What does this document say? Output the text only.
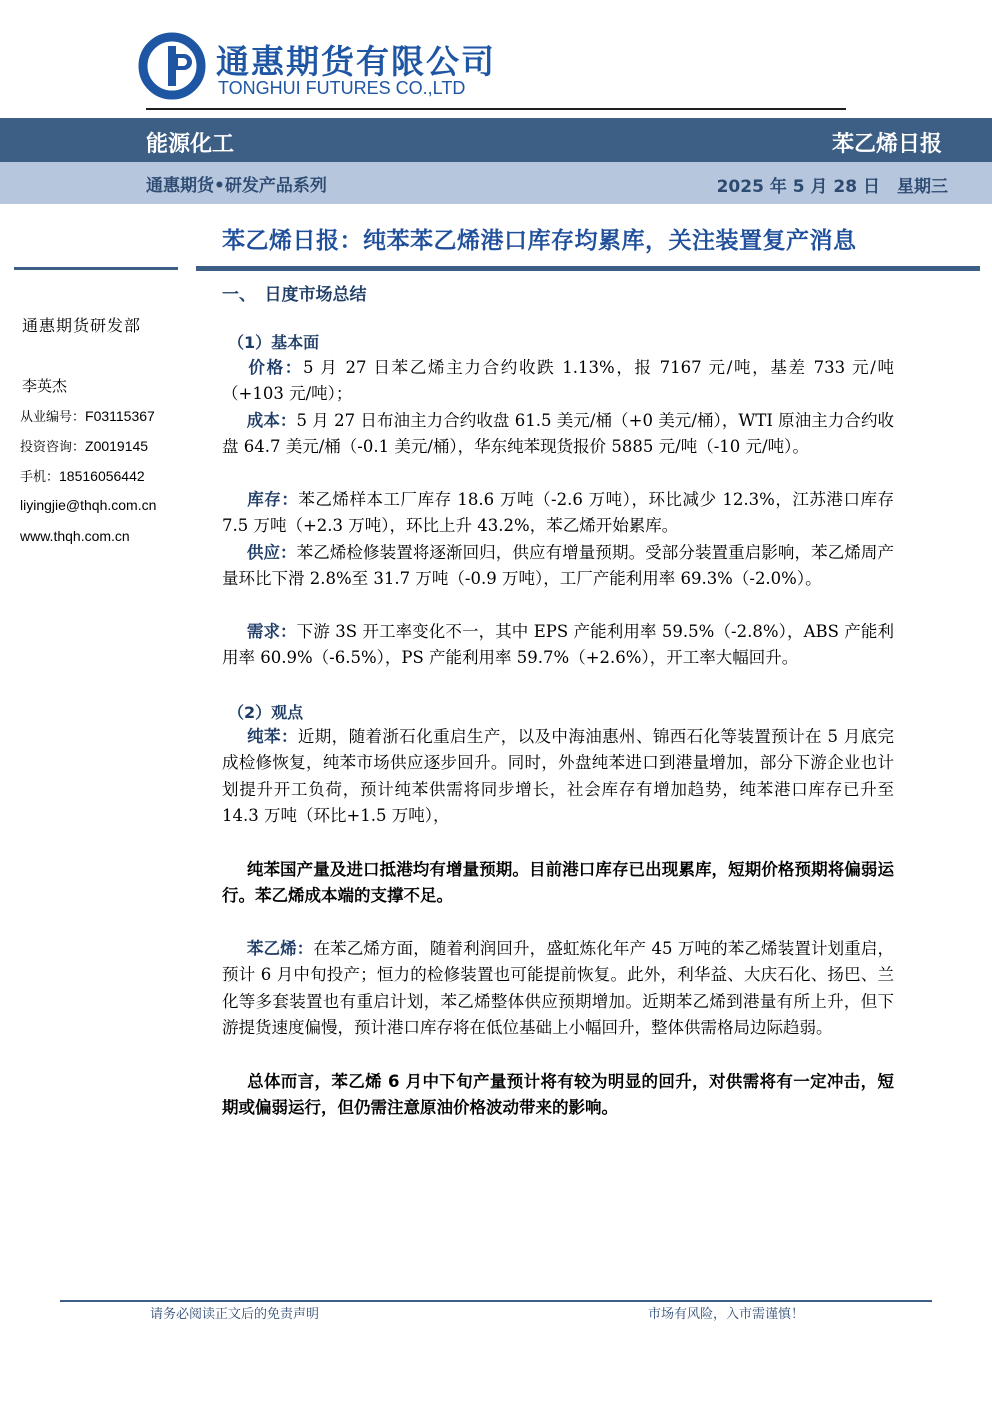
通惠期货有限公司
TONGHUI FUTURES CO.,LTD
能源化工	苯乙烯日报
通惠期货•研发产品系列	2025 年 5 月 28 日　星期三
苯乙烯日报：纯苯苯乙烯港口库存均累库，关注装置复产消息
通惠期货研发部
李英杰
从业编号：F03115367
投资咨询：Z0019145
手机：18516056442
liyingjie@thqh.com.cn
www.thqh.com.cn
一、　日度市场总结
（1）基本面
  价格：5 月 27 日苯乙烯主力合约收跌 1.13%，报 7167 元/吨，基差 733 元/吨（+103 元/吨）；
  成本：5 月 27 日布油主力合约收盘 61.5 美元/桶（+0 美元/桶），WTI 原油主力合约收盘 64.7 美元/桶（-0.1 美元/桶），华东纯苯现货报价 5885 元/吨（-10 元/吨）。
  库存：苯乙烯样本工厂库存 18.6 万吨（-2.6 万吨），环比减少 12.3%，江苏港口库存 7.5 万吨（+2.3 万吨），环比上升 43.2%，苯乙烯开始累库。
  供应：苯乙烯检修装置将逐渐回归，供应有增量预期。受部分装置重启影响，苯乙烯周产量环比下滑 2.8%至 31.7 万吨（-0.9 万吨），工厂产能利用率 69.3%（-2.0%）。
  需求：下游 3S 开工率变化不一，其中 EPS 产能利用率 59.5%（-2.8%），ABS 产能利用率 60.9%（-6.5%），PS 产能利用率 59.7%（+2.6%），开工率大幅回升。
（2）观点
  纯苯：近期，随着浙石化重启生产，以及中海油惠州、锦西石化等装置预计在 5 月底完成检修恢复，纯苯市场供应逐步回升。同时，外盘纯苯进口到港量增加，部分下游企业也计划提升开工负荷，预计纯苯供需将同步增长，社会库存有增加趋势，纯苯港口库存已升至 14.3 万吨（环比+1.5 万吨），
  纯苯国产量及进口抵港均有增量预期。目前港口库存已出现累库，短期价格预期将偏弱运行。苯乙烯成本端的支撑不足。
  苯乙烯：在苯乙烯方面，随着利润回升，盛虹炼化年产 45 万吨的苯乙烯装置计划重启，预计 6 月中旬投产；恒力的检修装置也可能提前恢复。此外，利华益、大庆石化、扬巴、兰化等多套装置也有重启计划，苯乙烯整体供应预期增加。近期苯乙烯到港量有所上升，但下游提货速度偏慢，预计港口库存将在低位基础上小幅回升，整体供需格局边际趋弱。
  总体而言，苯乙烯 6 月中下旬产量预计将有较为明显的回升，对供需将有一定冲击，短期或偏弱运行，但仍需注意原油价格波动带来的影响。
请务必阅读正文后的免责声明	市场有风险，入市需谨慎！
